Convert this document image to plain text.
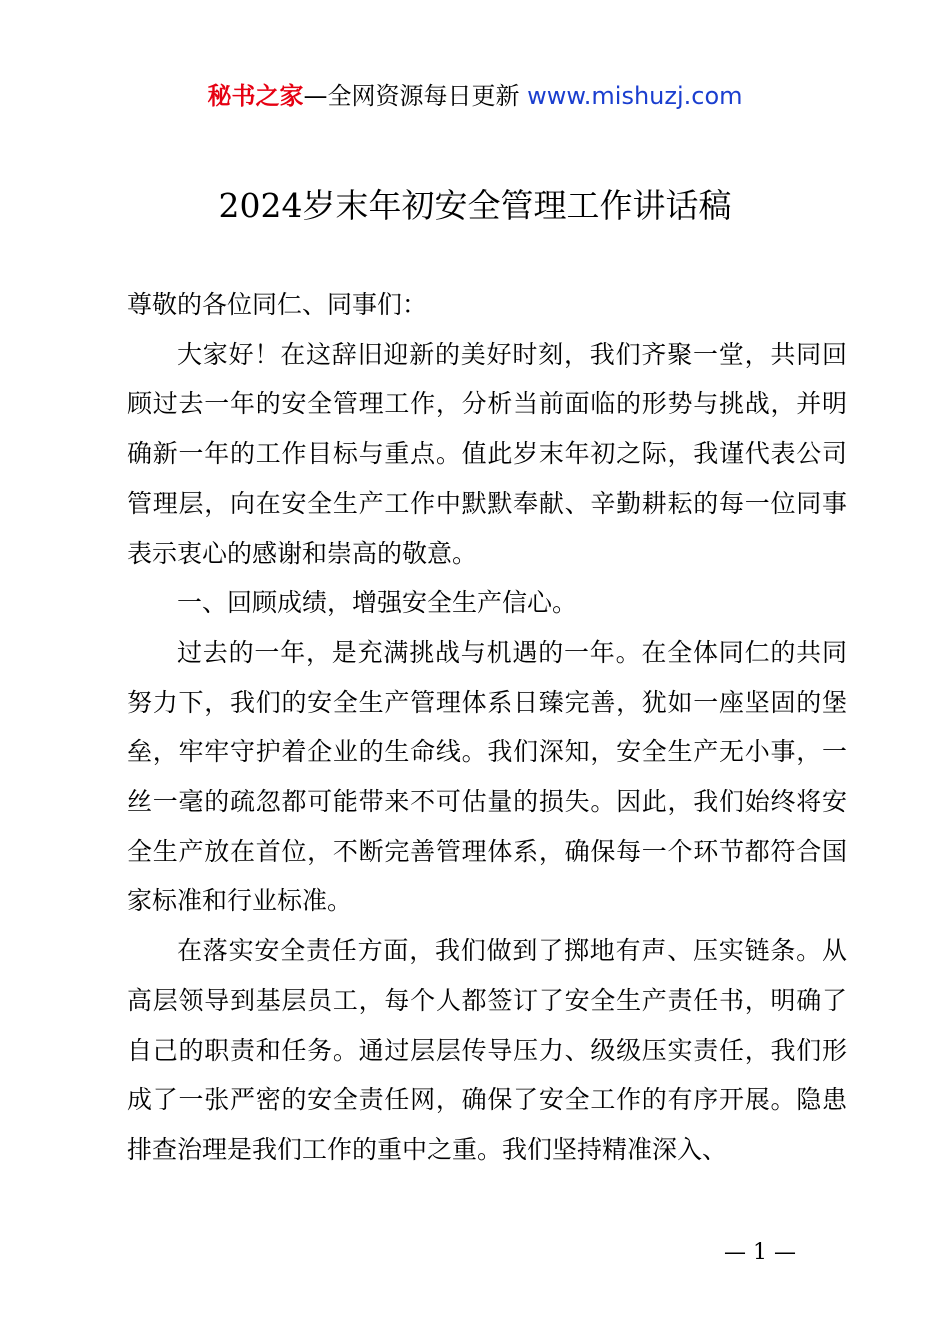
秘书之家—全网资源每日更新 www.mishuzj.com
2024岁末年初安全管理工作讲话稿

尊敬的各位同仁、同事们：

大家好！在这辞旧迎新的美好时刻，我们齐聚一堂，共同回顾过去一年的安全管理工作，分析当前面临的形势与挑战，并明确新一年的工作目标与重点。值此岁末年初之际，我谨代表公司管理层，向在安全生产工作中默默奉献、辛勤耕耘的每一位同事表示衷心的感谢和崇高的敬意。

一、回顾成绩，增强安全生产信心。

过去的一年，是充满挑战与机遇的一年。在全体同仁的共同努力下，我们的安全生产管理体系日臻完善，犹如一座坚固的堡垒，牢牢守护着企业的生命线。我们深知，安全生产无小事，一丝一毫的疏忽都可能带来不可估量的损失。因此，我们始终将安全生产放在首位，不断完善管理体系，确保每一个环节都符合国家标准和行业标准。

在落实安全责任方面，我们做到了掷地有声、压实链条。从高层领导到基层员工，每个人都签订了安全生产责任书，明确了自己的职责和任务。通过层层传导压力、级级压实责任，我们形成了一张严密的安全责任网，确保了安全工作的有序开展。隐患排查治理是我们工作的重中之重。我们坚持精准深入、

— 1 —
